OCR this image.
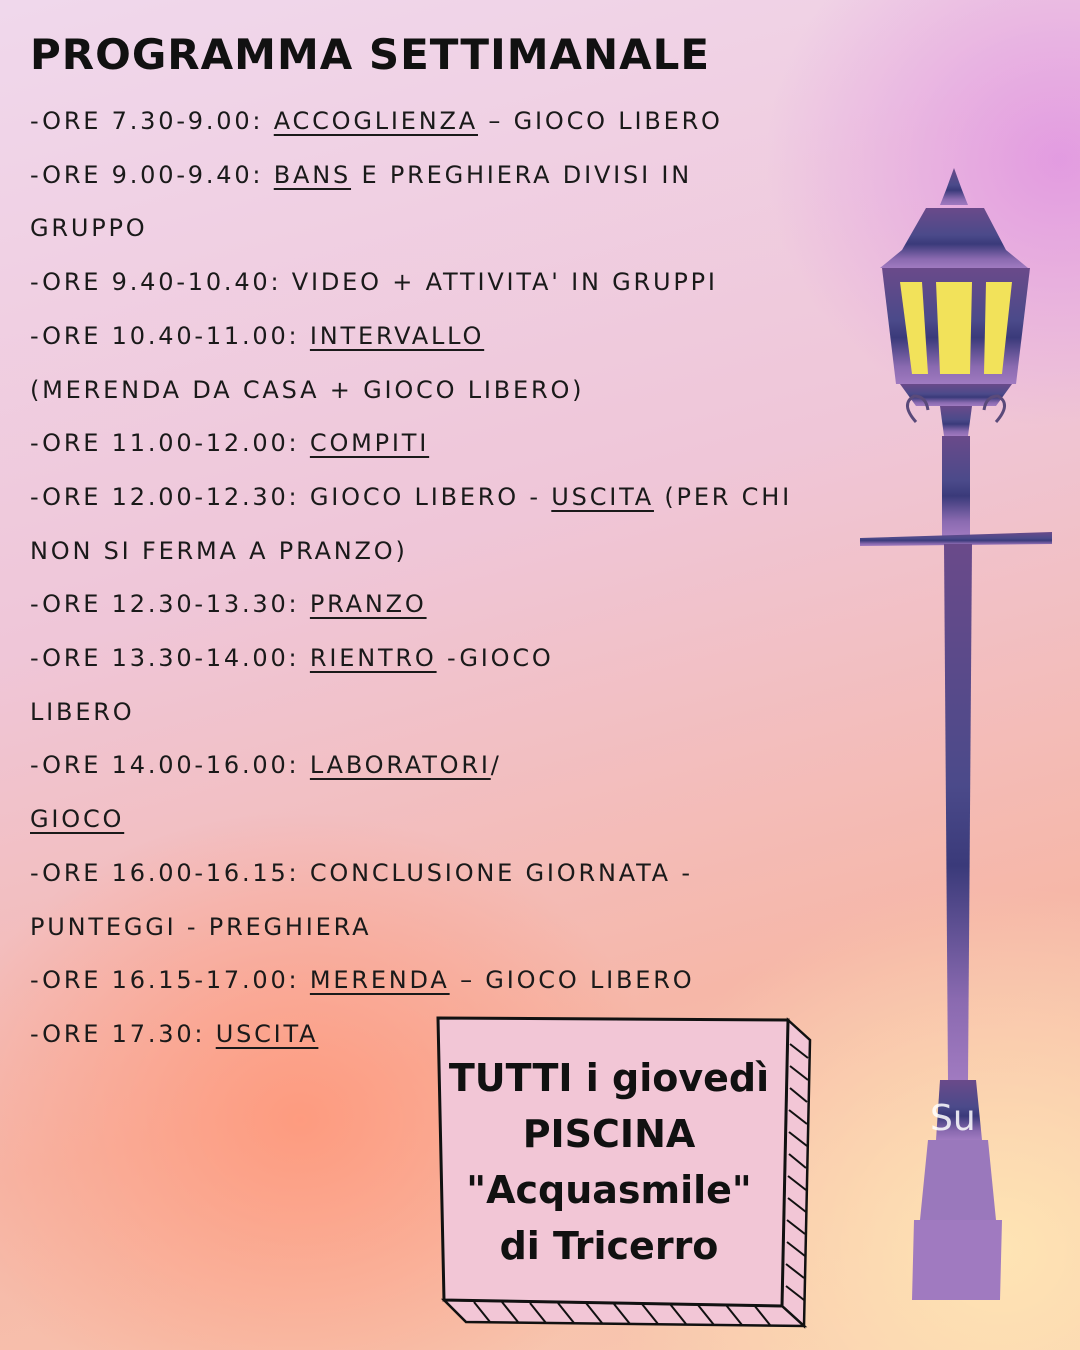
PROGRAMMA SETTIMANALE
-ORE 7.30-9.00: ACCOGLIENZA – GIOCO LIBERO
-ORE 9.00-9.40: BANS E PREGHIERA DIVISI IN
GRUPPO
-ORE 9.40-10.40: VIDEO + ATTIVITA' IN GRUPPI
-ORE 10.40-11.00: INTERVALLO
(MERENDA DA CASA + GIOCO LIBERO)
-ORE 11.00-12.00: COMPITI
-ORE 12.00-12.30: GIOCO LIBERO - USCITA (PER CHI
NON SI FERMA A PRANZO)
-ORE 12.30-13.30: PRANZO
-ORE 13.30-14.00: RIENTRO -GIOCO
LIBERO
-ORE 14.00-16.00: LABORATORI/
GIOCO
-ORE 16.00-16.15: CONCLUSIONE GIORNATA -
PUNTEGGI - PREGHIERA
-ORE 16.15-17.00: MERENDA – GIOCO LIBERO
-ORE 17.30: USCITA
TUTTI i giovedì
PISCINA
"Acquasmile"
di Tricerro
Su
